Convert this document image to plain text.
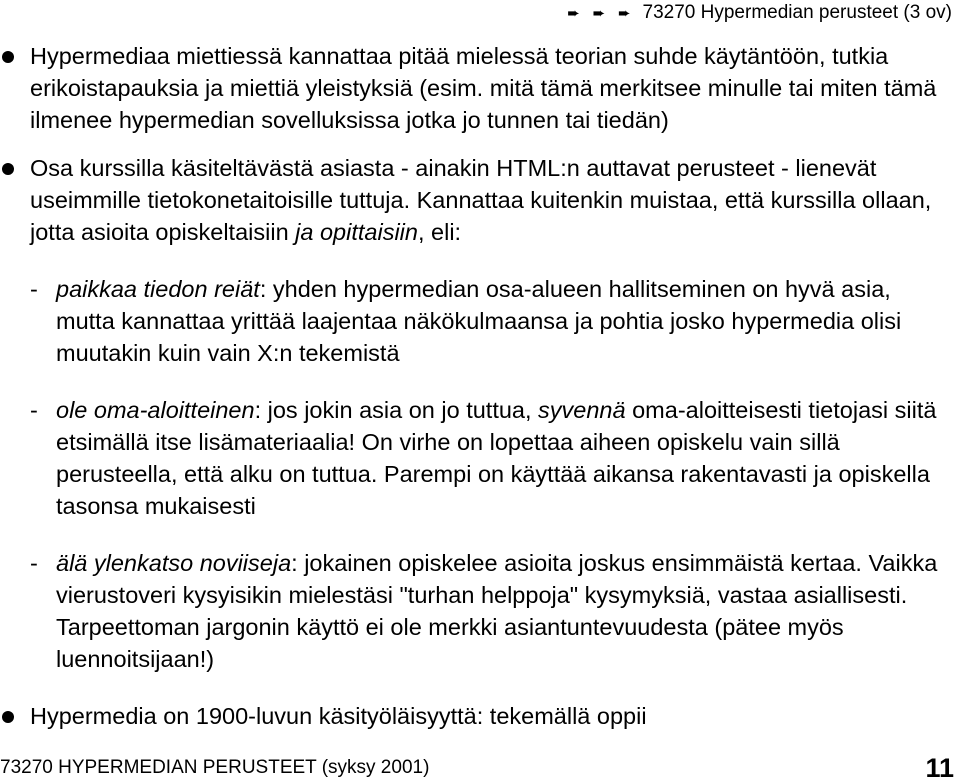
➨ ➨ ➨ 73270 Hypermedian perusteet (3 ov)
Hypermediaa miettiessä kannattaa pitää mielessä teorian suhde käytäntöön, tutkia erikoistapauksia ja miettiä yleistyksiä (esim. mitä tämä merkitsee minulle tai miten tämä ilmenee hypermedian sovelluksissa jotka jo tunnen tai tiedän)
Osa kurssilla käsiteltävästä asiasta - ainakin HTML:n auttavat perusteet - lienevät useimmille tietokonetaitoisille tuttuja. Kannattaa kuitenkin muistaa, että kurssilla ollaan, jotta asioita opiskeltaisiin ja opittaisiin, eli:
- paikkaa tiedon reiät: yhden hypermedian osa-alueen hallitseminen on hyvä asia, mutta kannattaa yrittää laajentaa näkökulmaansa ja pohtia josko hypermedia olisi muutakin kuin vain X:n tekemistä
- ole oma-aloitteinen: jos jokin asia on jo tuttua, syvennä oma-aloitteisesti tietojasi siitä etsimällä itse lisämateriaalia! On virhe on lopettaa aiheen opiskelu vain sillä perusteella, että alku on tuttua. Parempi on käyttää aikansa rakentavasti ja opiskella tasonsa mukaisesti
- älä ylenkatso noviiseja: jokainen opiskelee asioita joskus ensimmäistä kertaa. Vaikka vierustoveri kysyisikin mielestäsi "turhan helppoja" kysymyksiä, vastaa asiallisesti. Tarpeettoman jargonin käyttö ei ole merkki asiantuntevuudesta (pätee myös luennoitsijaan!)
Hypermedia on 1900-luvun käsityöläisyyttä: tekemällä oppii
73270 HYPERMEDIAN PERUSTEET (syksy 2001)	11
